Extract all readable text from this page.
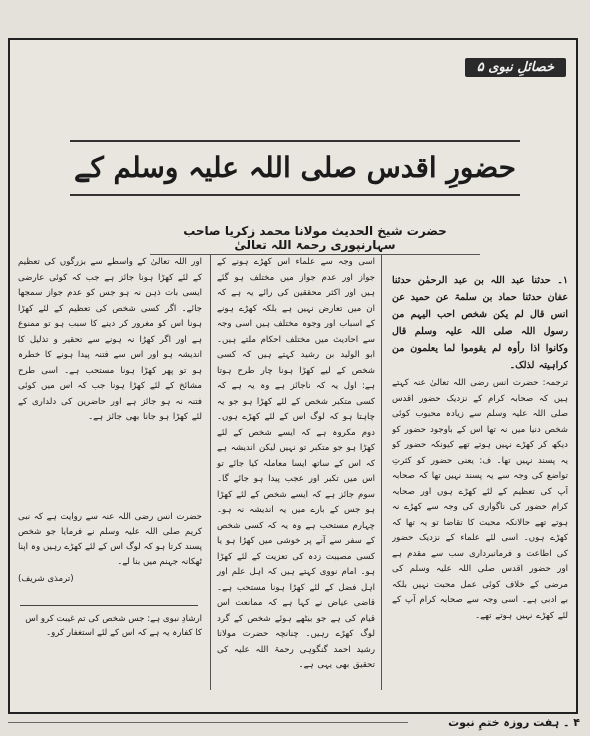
خصائلِ نبوی ۵
حضورِ اقدس صلی اللہ علیہ وسلم کے
حضرت شیخ الحدیث مولانا محمد زکریا صاحب سہارنپوری رحمۃ اللہ تعالیٰ

۱۔ حدثنا عبد اللہ بن عبد الرحمٰن حدثنا عفان حدثنا حماد بن سلمۃ عن حمید عن انس قال لم یکن شخص احب الیہم من رسول اللہ صلی اللہ علیہ وسلم قال وکانوا اذا رأوہ لم یقوموا لما یعلمون من کراہیتہ لذلک۔

ترجمہ: حضرت انس رضی اللہ تعالیٰ عنہ کہتے ہیں کہ صحابہ کرام کے نزدیک حضور اقدس صلی اللہ علیہ وسلم سے زیادہ محبوب کوئی شخص دنیا میں نہ تھا اس کے باوجود حضور کو دیکھ کر کھڑے نہیں ہوتے تھے کیونکہ حضور کو یہ پسند نہیں تھا۔ ف: یعنی حضور کو کثرتِ تواضع کی وجہ سے یہ پسند نہیں تھا کہ صحابہ آپ کی تعظیم کے لئے کھڑے ہوں اور صحابہ کرام حضور کی ناگواری کی وجہ سے کھڑے نہ ہوتے تھے حالانکہ محبت کا تقاضا تو یہ تھا کہ کھڑے ہوں۔ اسی لئے علماء کے نزدیک حضور کی اطاعت و فرمانبرداری سب سے مقدم ہے اور حضور اقدس صلی اللہ علیہ وسلم کی مرضی کے خلاف کوئی عمل محبت نہیں بلکہ بے ادبی ہے۔ اسی وجہ سے صحابہ کرام آپ کے لئے کھڑے نہیں ہوتے تھے۔

اسی وجہ سے علماء اس کھڑے ہونے کے جواز اور عدم جواز میں مختلف ہو گئے ہیں اور اکثر محققین کی رائے یہ ہے کہ ان میں تعارض نہیں ہے بلکہ کھڑے ہونے کے اسباب اور وجوہ مختلف ہیں اسی وجہ سے احادیث میں مختلف احکام ملتے ہیں۔ ابو الولید بن رشید کہتے ہیں کہ کسی شخص کے لیے کھڑا ہونا چار طرح ہوتا ہے: اول یہ کہ ناجائز ہے وہ یہ ہے کہ کسی متکبر شخص کے لئے کھڑا ہو جو یہ چاہتا ہو کہ لوگ اس کے لئے کھڑے ہوں۔ دوم مکروہ ہے کہ ایسے شخص کے لئے کھڑا ہو جو متکبر تو نہیں لیکن اندیشہ ہے کہ اس کے ساتھ ایسا معاملہ کیا جائے تو اس میں تکبر اور عجب پیدا ہو جائے گا۔ سوم جائز ہے کہ ایسے شخص کے لئے کھڑا ہو جس کے بارے میں یہ اندیشہ نہ ہو۔ چہارم مستحب ہے وہ یہ کہ کسی شخص کے سفر سے آنے پر خوشی میں کھڑا ہو یا کسی مصیبت زدہ کی تعزیت کے لئے کھڑا ہو۔ امام نووی کہتے ہیں کہ اہل علم اور اہل فضل کے لئے کھڑا ہونا مستحب ہے۔ قاضی عیاض نے کہا ہے کہ ممانعت اس قیام کی ہے جو بیٹھے ہوئے شخص کے گرد لوگ کھڑے رہیں۔ چنانچہ حضرت مولانا رشید احمد گنگوہی رحمۃ اللہ علیہ کی تحقیق بھی یہی ہے۔

اور اللہ تعالیٰ کے واسطے سے بزرگوں کی تعظیم کے لئے کھڑا ہونا جائز ہے جب کہ کوئی عارضی ایسی بات ذہن نہ ہو جس کو عدم جواز سمجھا جائے۔ اگر کسی شخص کی تعظیم کے لئے کھڑا ہونا اس کو مغرور کر دینے کا سبب ہو تو ممنوع ہے اور اگر کھڑا نہ ہونے سے تحقیر و تذلیل کا اندیشہ ہو اور اس سے فتنہ پیدا ہونے کا خطرہ ہو تو پھر کھڑا ہونا مستحب ہے۔ اسی طرح مشائخ کے لئے کھڑا ہونا جب کہ اس میں کوئی فتنہ نہ ہو جائز ہے اور حاضرین کی دلداری کے لئے کھڑا ہو جانا بھی جائز ہے۔

حضرت انس رضی اللہ عنہ سے روایت ہے کہ نبی کریم صلی اللہ علیہ وسلم نے فرمایا جو شخص پسند کرتا ہو کہ لوگ اس کے لئے کھڑے رہیں وہ اپنا ٹھکانہ جہنم میں بنا لے۔
(ترمذی شریف)
ارشادِ نبوی ہے: جس شخص کی تم غیبت کرو اس کا کفارہ یہ ہے کہ اس کے لئے استغفار کرو۔
۴ ۔ ہفت روزہ ختمِ نبوت
